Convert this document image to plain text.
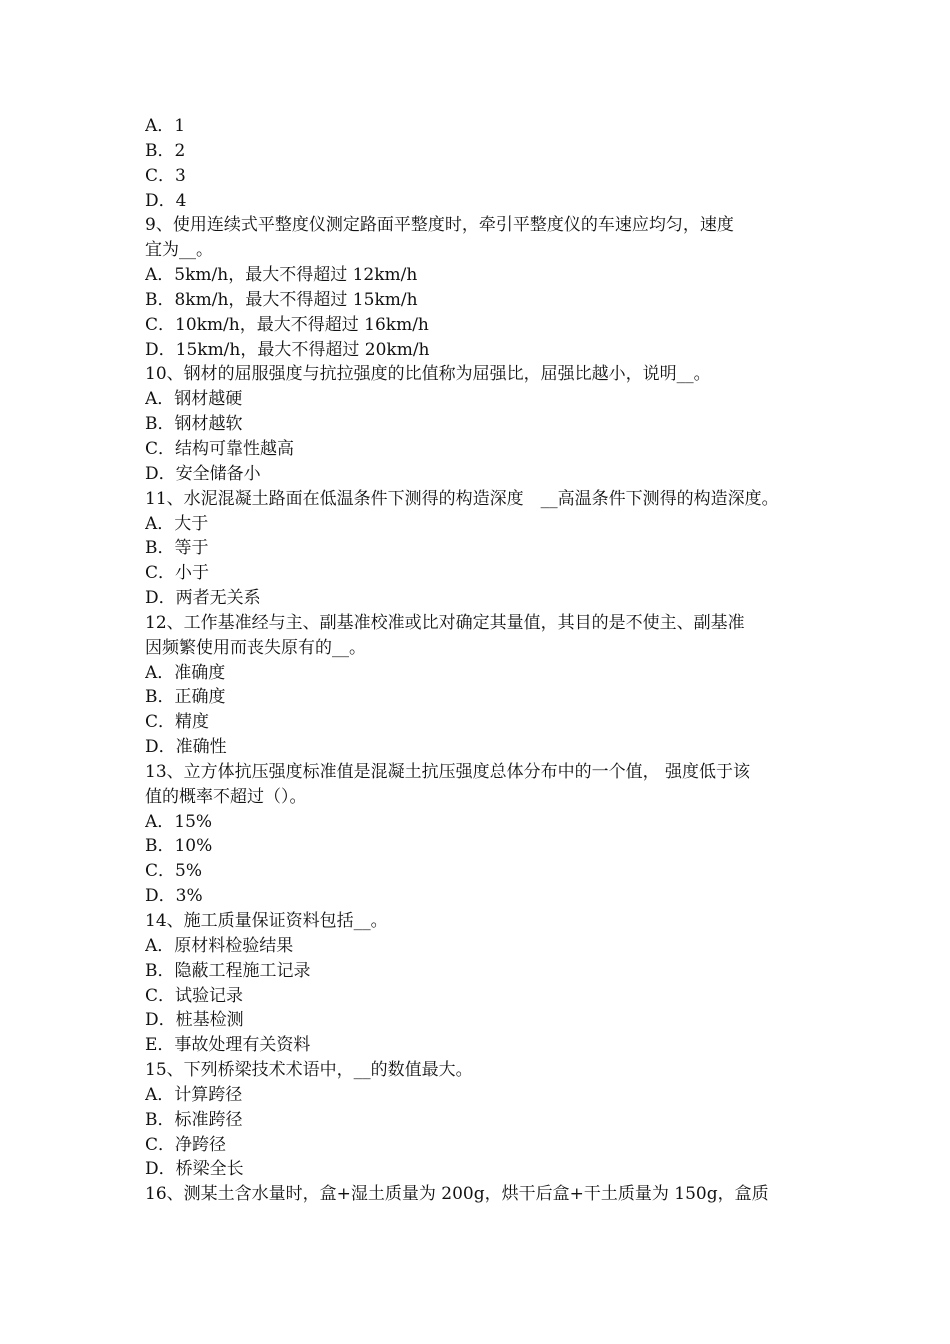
A．1
B．2
C．3
D．4
9、使用连续式平整度仪测定路面平整度时，牵引平整度仪的车速应均匀，速度
宜为__。
A．5km/h，最大不得超过 12km/h
B．8km/h，最大不得超过 15km/h
C．10km/h，最大不得超过 16km/h
D．15km/h，最大不得超过 20km/h
10、钢材的屈服强度与抗拉强度的比值称为屈强比，屈强比越小，说明__。
A．钢材越硬
B．钢材越软
C．结构可靠性越高
D．安全储备小
11、水泥混凝土路面在低温条件下测得的构造深度　__高温条件下测得的构造深度。
A．大于
B．等于
C．小于
D．两者无关系
12、工作基准经与主、副基准校准或比对确定其量值，其目的是不使主、副基准
因频繁使用而丧失原有的__。
A．准确度
B．正确度
C．精度
D．准确性
13、立方体抗压强度标准值是混凝土抗压强度总体分布中的一个值， 强度低于该
值的概率不超过（）。
A．15%
B．10%
C．5%
D．3%
14、施工质量保证资料包括__。
A．原材料检验结果
B．隐蔽工程施工记录
C．试验记录
D．桩基检测
E．事故处理有关资料
15、下列桥梁技术术语中，__的数值最大。
A．计算跨径
B．标准跨径
C．净跨径
D．桥梁全长
16、测某土含水量时，盒+湿土质量为 200g，烘干后盒+干土质量为 150g，盒质
